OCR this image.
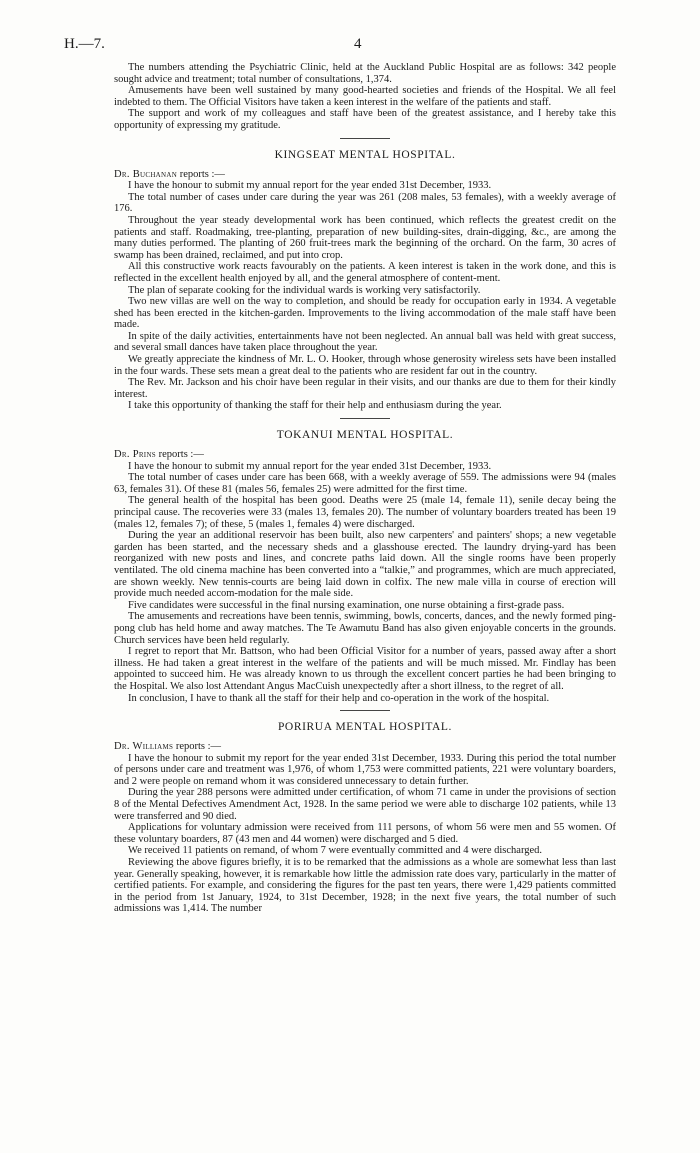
H.—7.	4

The numbers attending the Psychiatric Clinic, held at the Auckland Public Hospital are as follows: 342 people sought advice and treatment; total number of consultations, 1,374.

Amusements have been well sustained by many good-hearted societies and friends of the Hospital. We all feel indebted to them. The Official Visitors have taken a keen interest in the welfare of the patients and staff.

The support and work of my colleagues and staff have been of the greatest assistance, and I hereby take this opportunity of expressing my gratitude.

KINGSEAT MENTAL HOSPITAL.
Dr. Buchanan reports :—

I have the honour to submit my annual report for the year ended 31st December, 1933.

The total number of cases under care during the year was 261 (208 males, 53 females), with a weekly average of 176.

Throughout the year steady developmental work has been continued, which reflects the greatest credit on the patients and staff. Roadmaking, tree-planting, preparation of new building-sites, drain-digging, &c., are among the many duties performed. The planting of 260 fruit-trees mark the beginning of the orchard. On the farm, 30 acres of swamp has been drained, reclaimed, and put into crop.

All this constructive work reacts favourably on the patients. A keen interest is taken in the work done, and this is reflected in the excellent health enjoyed by all, and the general atmosphere of content-ment.

The plan of separate cooking for the individual wards is working very satisfactorily.

Two new villas are well on the way to completion, and should be ready for occupation early in 1934. A vegetable shed has been erected in the kitchen-garden. Improvements to the living accommodation of the male staff have been made.

In spite of the daily activities, entertainments have not been neglected. An annual ball was held with great success, and several small dances have taken place throughout the year.

We greatly appreciate the kindness of Mr. L. O. Hooker, through whose generosity wireless sets have been installed in the four wards. These sets mean a great deal to the patients who are resident far out in the country.

The Rev. Mr. Jackson and his choir have been regular in their visits, and our thanks are due to them for their kindly interest.

I take this opportunity of thanking the staff for their help and enthusiasm during the year.

TOKANUI MENTAL HOSPITAL.
Dr. Prins reports :—

I have the honour to submit my annual report for the year ended 31st December, 1933.

The total number of cases under care has been 668, with a weekly average of 559. The admissions were 94 (males 63, females 31). Of these 81 (males 56, females 25) were admitted for the first time.

The general health of the hospital has been good. Deaths were 25 (male 14, female 11), senile decay being the principal cause. The recoveries were 33 (males 13, females 20). The number of voluntary boarders treated has been 19 (males 12, females 7); of these, 5 (males 1, females 4) were discharged.

During the year an additional reservoir has been built, also new carpenters' and painters' shops; a new vegetable garden has been started, and the necessary sheds and a glasshouse erected. The laundry drying-yard has been reorganized with new posts and lines, and concrete paths laid down. All the single rooms have been properly ventilated. The old cinema machine has been converted into a “talkie,” and programmes, which are much appreciated, are shown weekly. New tennis-courts are being laid down in colfix. The new male villa in course of erection will provide much needed accom-modation for the male side.

Five candidates were successful in the final nursing examination, one nurse obtaining a first-grade pass.

The amusements and recreations have been tennis, swimming, bowls, concerts, dances, and the newly formed ping-pong club has held home and away matches. The Te Awamutu Band has also given enjoyable concerts in the grounds. Church services have been held regularly.

I regret to report that Mr. Battson, who had been Official Visitor for a number of years, passed away after a short illness. He had taken a great interest in the welfare of the patients and will be much missed. Mr. Findlay has been appointed to succeed him. He was already known to us through the excellent concert parties he had been bringing to the Hospital. We also lost Attendant Angus MacCuish unexpectedly after a short illness, to the regret of all.

In conclusion, I have to thank all the staff for their help and co-operation in the work of the hospital.

PORIRUA MENTAL HOSPITAL.
Dr. Williams reports :—

I have the honour to submit my report for the year ended 31st December, 1933. During this period the total number of persons under care and treatment was 1,976, of whom 1,753 were committed patients, 221 were voluntary boarders, and 2 were people on remand whom it was considered unnecessary to detain further.

During the year 288 persons were admitted under certification, of whom 71 came in under the provisions of section 8 of the Mental Defectives Amendment Act, 1928. In the same period we were able to discharge 102 patients, while 13 were transferred and 90 died.

Applications for voluntary admission were received from 111 persons, of whom 56 were men and 55 women. Of these voluntary boarders, 87 (43 men and 44 women) were discharged and 5 died.

We received 11 patients on remand, of whom 7 were eventually committed and 4 were discharged.

Reviewing the above figures briefly, it is to be remarked that the admissions as a whole are somewhat less than last year. Generally speaking, however, it is remarkable how little the admission rate does vary, particularly in the matter of certified patients. For example, and considering the figures for the past ten years, there were 1,429 patients committed in the period from 1st January, 1924, to 31st December, 1928; in the next five years, the total number of such admissions was 1,414. The number
